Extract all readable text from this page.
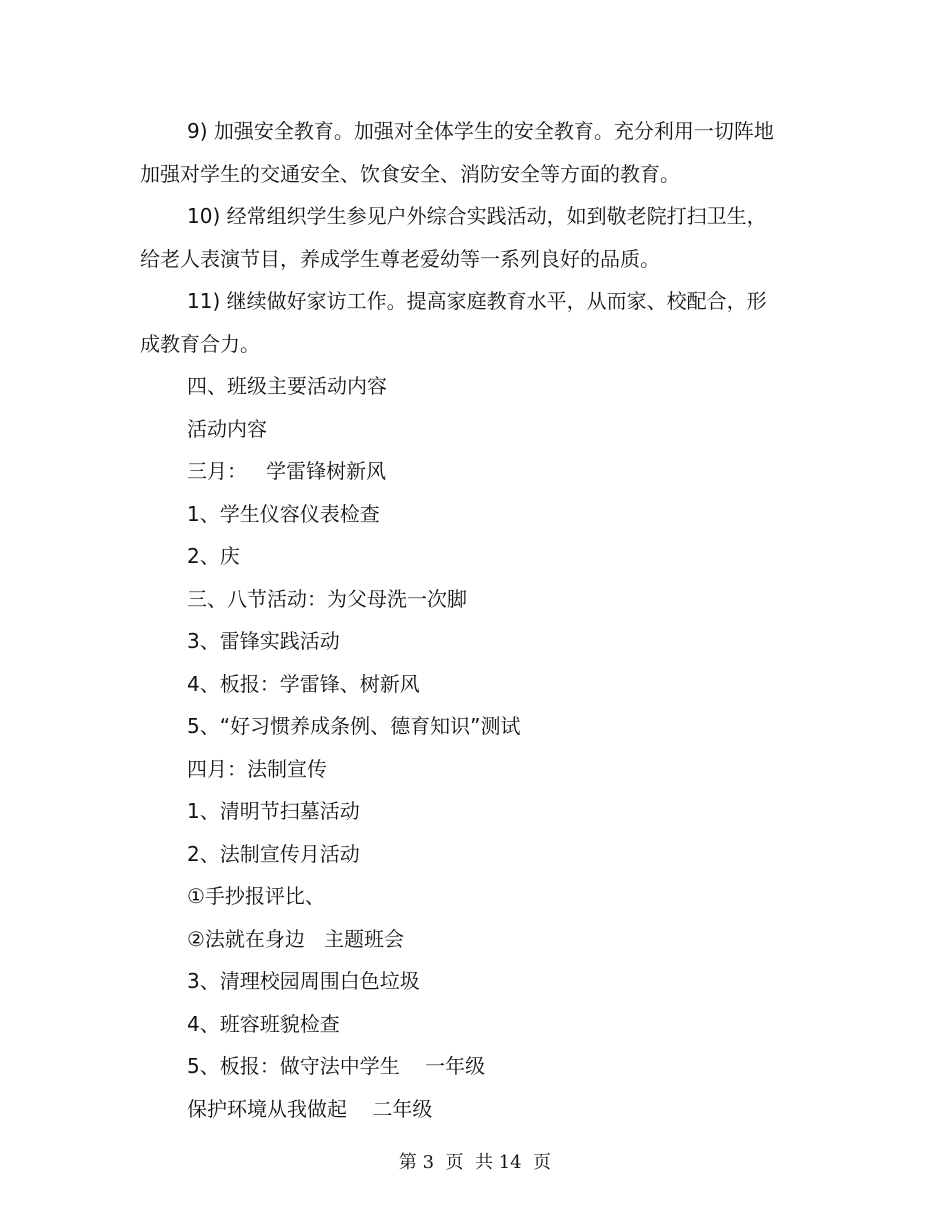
9) 加强安全教育。加强对全体学生的安全教育。充分利用一切阵地加强对学生的交通安全、饮食安全、消防安全等方面的教育。

10) 经常组织学生参见户外综合实践活动，如到敬老院打扫卫生，给老人表演节目，养成学生尊老爱幼等一系列良好的品质。

11) 继续做好家访工作。提高家庭教育水平，从而家、校配合，形成教育合力。

四、班级主要活动内容

活动内容

三月：   学雷锋树新风

1、学生仪容仪表检查

2、庆

三、八节活动：为父母洗一次脚

3、雷锋实践活动

4、板报：学雷锋、树新风

5、“好习惯养成条例、德育知识”测试

四月：法制宣传

1、清明节扫墓活动

2、法制宣传月活动

①手抄报评比、

②法就在身边   主题班会

3、清理校园周围白色垃圾

4、班容班貌检查

5、板报：做守法中学生    一年级

保护环境从我做起    二年级

第 3  页  共 14  页
